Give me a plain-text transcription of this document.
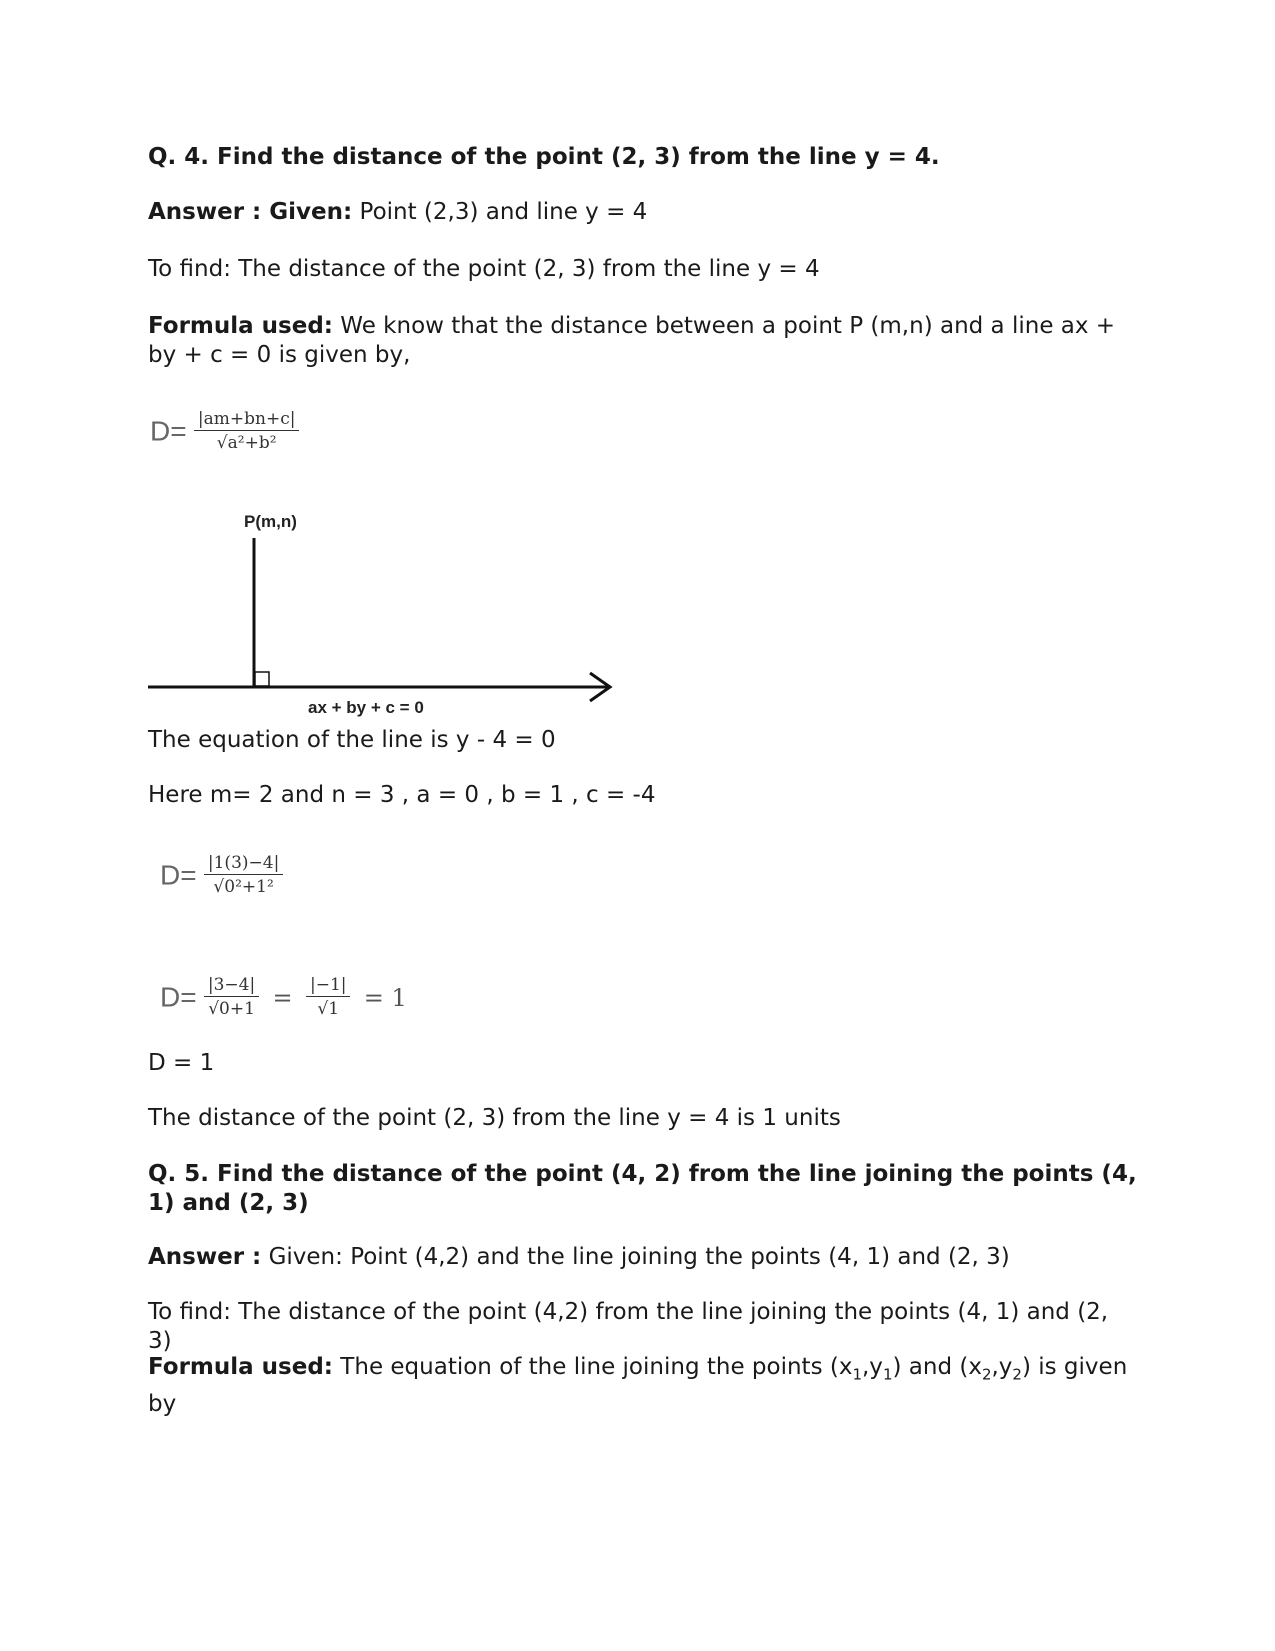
Q. 4. Find the distance of the point (2, 3) from the line y = 4.

Answer : Given: Point (2,3) and line y = 4

To find: The distance of the point (2, 3) from the line y = 4

Formula used: We know that the distance between a point P (m,n) and a line ax + by + c = 0 is given by,

$D= \frac{|am+bn+c|}{\text{√a²+b²}}$
P(m,n)
ax + by + c = 0

The equation of the line is y - 4 = 0

Here m= 2 and n = 3 , a = 0 , b = 1 , c = -4

$D= \frac{|1(3)-4|}{\text{√0²+1²}}$
$D= \frac{|3-4|}{√0+1} = \frac{|-1|}{√1} = 1$

D = 1

The distance of the point (2, 3) from the line y = 4 is 1 units

Q. 5. Find the distance of the point (4, 2) from the line joining the points (4, 1) and (2, 3)

Answer : Given: Point (4,2) and the line joining the points (4, 1) and (2, 3)

To find: The distance of the point (4,2) from the line joining the points (4, 1) and (2, 3)

Formula used: The equation of the line joining the points $(x_1,y_1)$ and $(x_2,y_2)$ is given by
